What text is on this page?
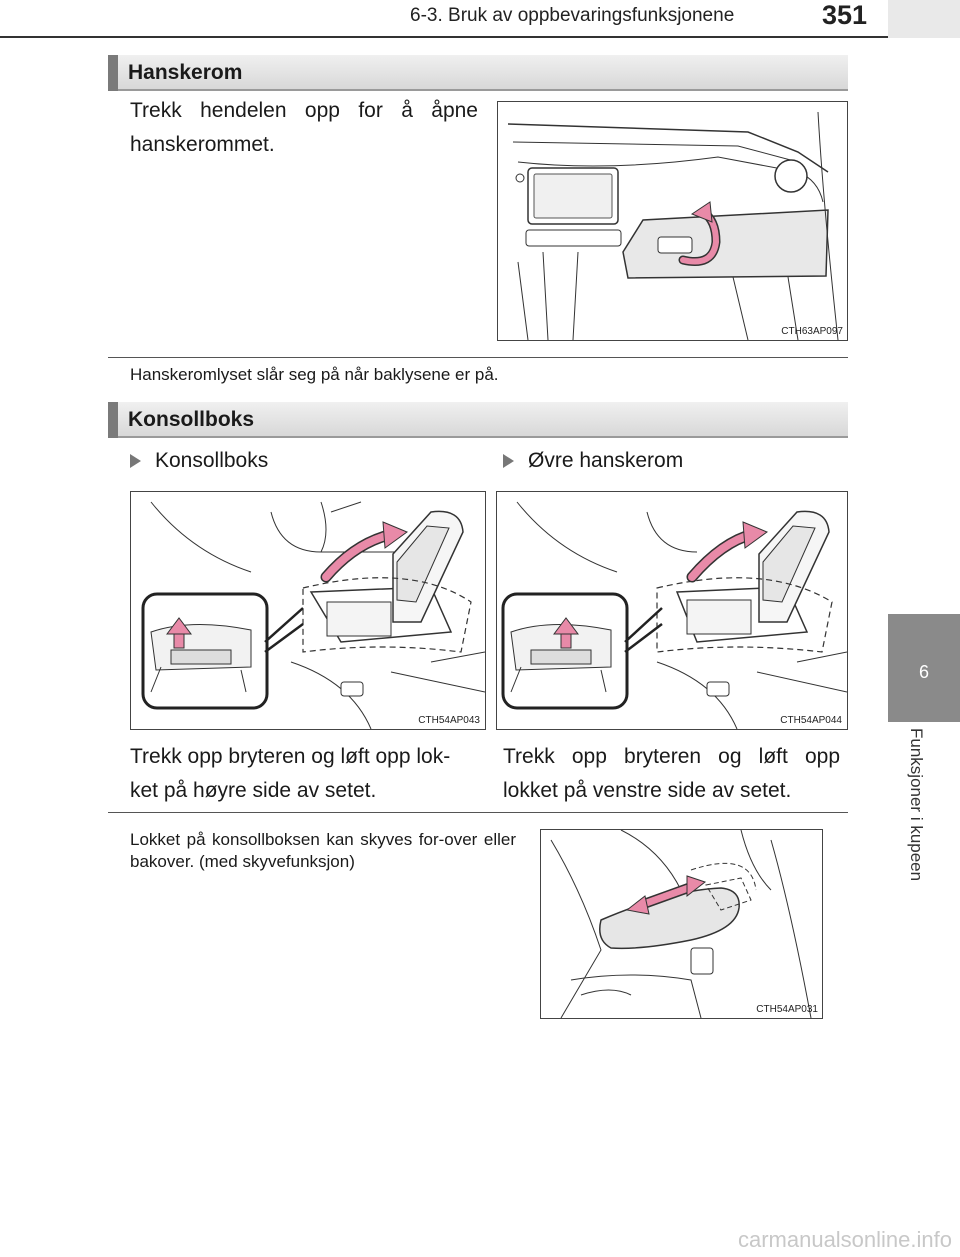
6-3. Bruk av oppbevaringsfunksjonene	351
6
Funksjoner i kupeen
Hanskerom
Trekk hendelen opp for å åpne hanskerommet.
CTH63AP097
Hanskeromlyset slår seg på når baklysene er på.
Konsollboks
Konsollboks	Øvre hanskerom
CTH54AP043	CTH54AP044
Trekk opp bryteren og løft opp lok-ket på høyre side av setet.
Trekk opp bryteren og løft opp lokket på venstre side av setet.
Lokket på konsollboksen kan skyves for-over eller bakover. (med skyvefunksjon)
CTH54AP031
carmanualsonline.info
